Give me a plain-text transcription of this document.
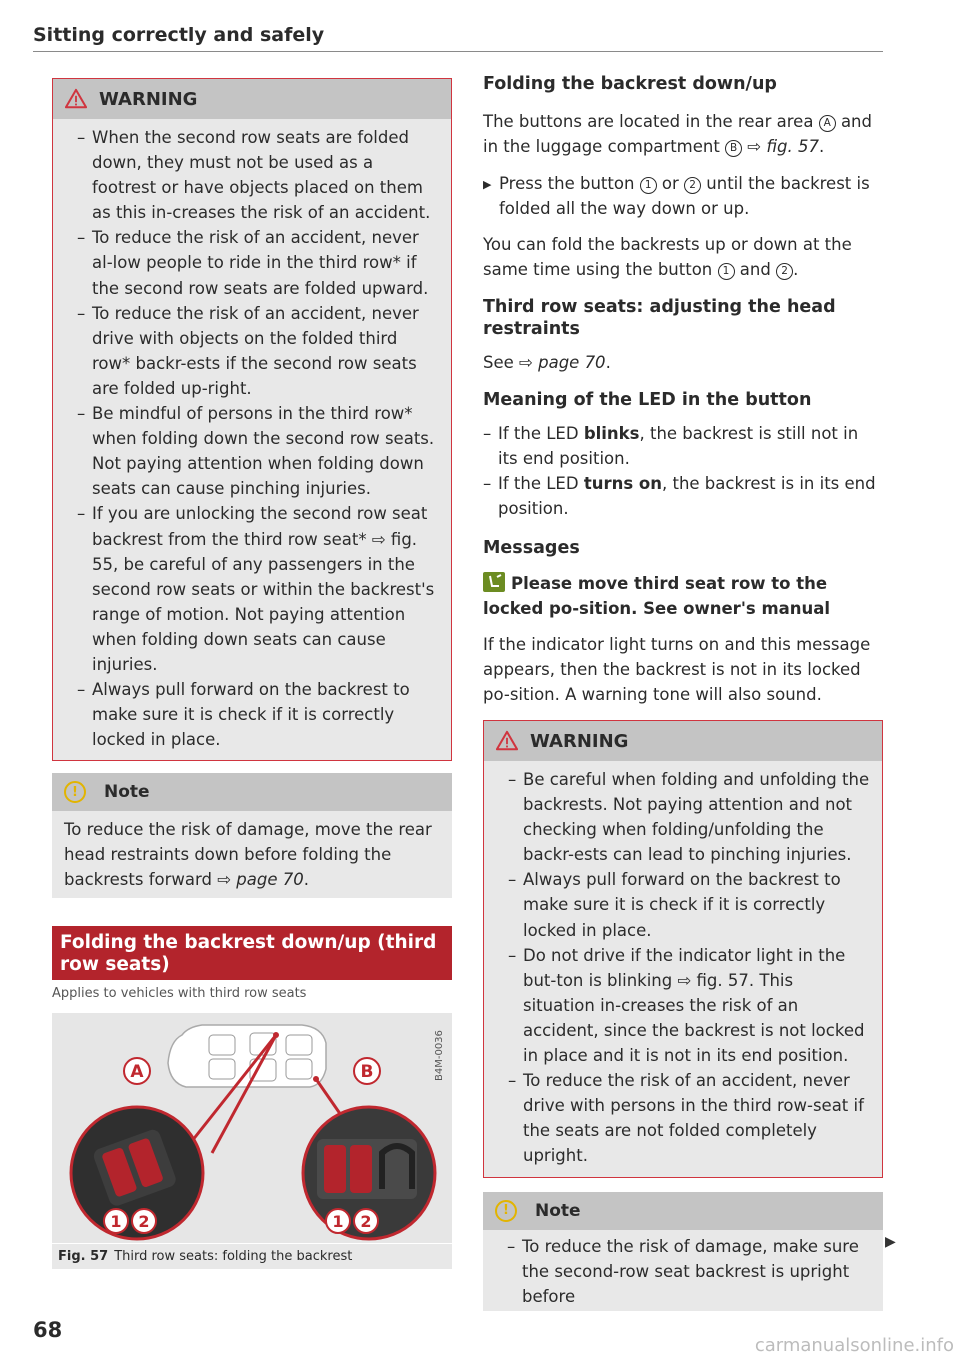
Sitting correctly and safely
WARNING
– When the second row seats are folded down, they must not be used as a footrest or have objects placed on them as this in-creases the risk of an accident.
– To reduce the risk of an accident, never al-low people to ride in the third row* if the second row seats are folded upward.
– To reduce the risk of an accident, never drive with objects on the folded third row* backr-ests if the second row seats are folded up-right.
– Be mindful of persons in the third row* when folding down the second row seats. Not paying attention when folding down seats can cause pinching injuries.
– If you are unlocking the second row seat backrest from the third row seat* ⇨ fig. 55, be careful of any passengers in the second row seats or within the backrest's range of motion. Not paying attention when folding down seats can cause injuries.
– Always pull forward on the backrest to make sure it is check if it is correctly locked in place.
!	Note
To reduce the risk of damage, move the rear head restraints down before folding the backrests forward ⇨ page 70.
Folding the backrest down/up (third row seats)
Applies to vehicles with third row seats
A	B
1 2	1 2
B4M-0036
Fig. 57 Third row seats: folding the backrest
68
Folding the backrest down/up

The buttons are located in the rear area A and in the luggage compartment B ⇨ fig. 57.

▶ Press the button 1 or 2 until the backrest is folded all the way down or up.

You can fold the backrests up or down at the same time using the button 1 and 2 .

Third row seats: adjusting the head restraints

See ⇨ page 70.

Meaning of the LED in the button
– If the LED blinks, the backrest is still not in its end position.
– If the LED turns on, the backrest is in its end position.
Messages

Please move third seat row to the locked po-sition. See owner's manual

If the indicator light turns on and this message appears, then the backrest is not in its locked po-sition. A warning tone will also sound.

WARNING
– Be careful when folding and unfolding the backrests. Not paying attention and not checking when folding/unfolding the backr-ests can lead to pinching injuries.
– Always pull forward on the backrest to make sure it is check if it is correctly locked in place.
– Do not drive if the indicator light in the but-ton is blinking ⇨ fig. 57. This situation in-creases the risk of an accident, since the backrest is not locked in place and it is not in its end position.
– To reduce the risk of an accident, never drive with persons in the third row-seat if the seats are not folded completely upright.
!	Note
– To reduce the risk of damage, make sure the second-row seat backrest is upright before
▶
carmanualsonline.info
